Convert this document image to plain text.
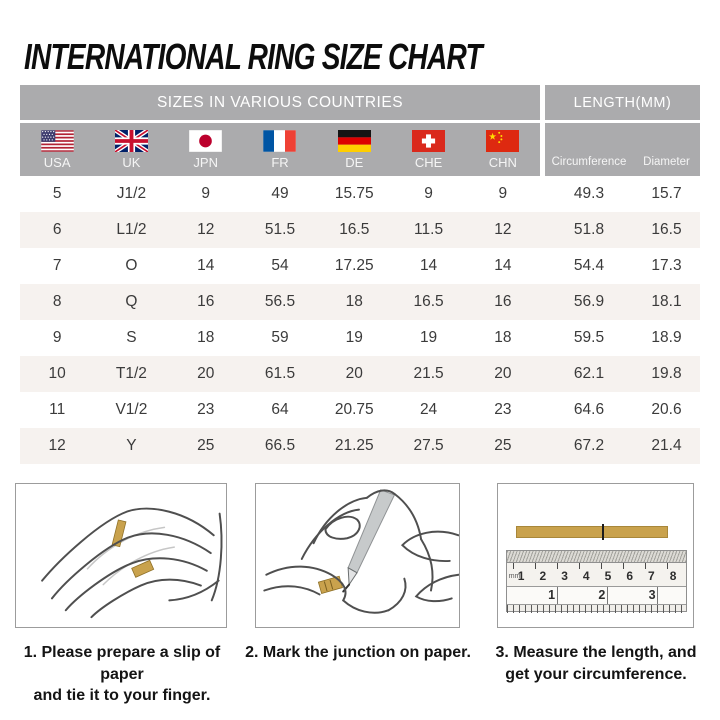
INTERNATIONAL RING SIZE CHART
SIZES IN VARIOUS COUNTRIES	LENGTH(MM)
USA	UK	JPN	FR	DE	CHE	CHN	Circumference	Diameter
5	J1/2	9	49	15.75	9	9	49.3	15.7
6	L1/2	12	51.5	16.5	11.5	12	51.8	16.5
7	O	14	54	17.25	14	14	54.4	17.3
8	Q	16	56.5	18	16.5	16	56.9	18.1
9	S	18	59	19	19	18	59.5	18.9
10	T1/2	20	61.5	20	21.5	20	62.1	19.8
11	V1/2	23	64	20.75	24	23	64.6	20.6
12	Y	25	66.5	21.25	27.5	25	67.2	21.4
mm
1 2 3 4 5 6 7 8
1	2	3
1. Please prepare a slip of paper
and tie it to your finger.
2. Mark the junction on paper.	3. Measure the length, and
get your circumference.
